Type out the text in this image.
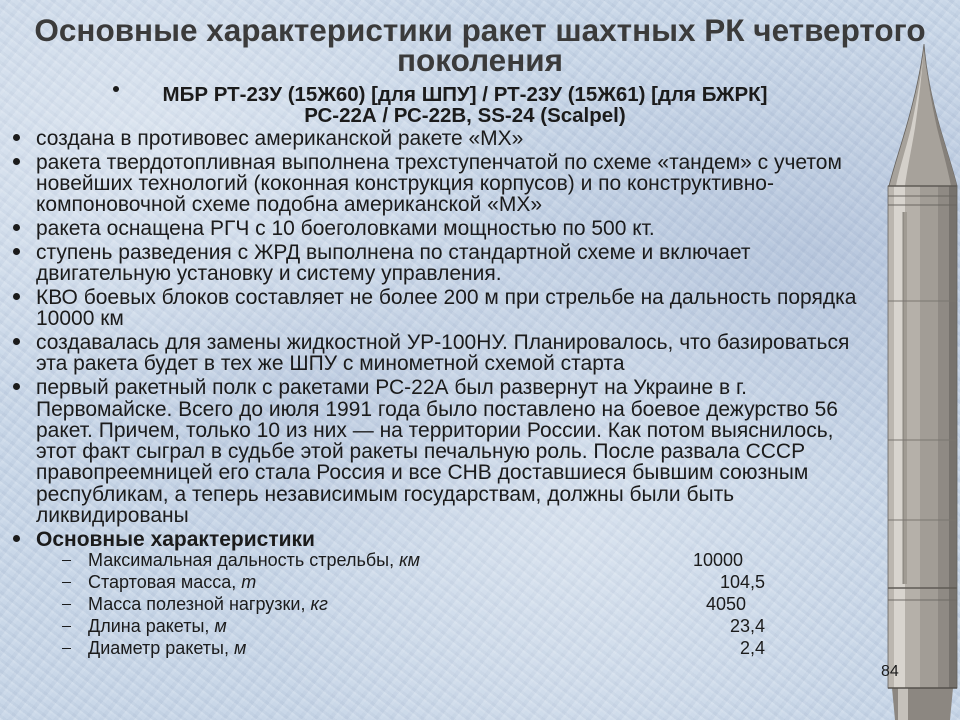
Основные характеристики ракет шахтных РК четвертого поколения
МБР РТ-23У (15Ж60) [для ШПУ] / РТ-23У (15Ж61) [для БЖРК]
РС-22А / РС-22В, SS-24 (Scalpel)
создана в противовес американской ракете «МХ»
ракета твердотопливная выполнена трехступенчатой по схеме «тандем» с учетом
новейших технологий (коконная конструкция корпусов) и по конструктивно-
компоновочной схеме подобна американской «МХ»
ракета оснащена РГЧ с 10 боеголовками мощностью по 500 кт.
ступень разведения с ЖРД выполнена по стандартной схеме и включает
двигательную установку и систему управления.
КВО боевых блоков составляет не более 200 м при стрельбе на дальность порядка
10000 км
создавалась для замены жидкостной УР-100НУ. Планировалось, что базироваться
эта ракета будет в тех же ШПУ с минометной схемой старта
первый ракетный полк с ракетами РС-22А был развернут на Украине в г.
Первомайске. Всего до июля 1991 года было поставлено на боевое дежурство 56
ракет. Причем, только 10 из них — на территории России. Как потом выяснилось,
этот факт сыграл в судьбе этой ракеты печальную роль. После развала СССР
правопреемницей его стала Россия и все СНВ доставшиеся бывшим союзным
республикам, а теперь независимым государствам, должны были быть
ликвидированы
Основные характеристики
Максимальная дальность стрельбы, км	10000
Стартовая масса, т	104,5
Масса полезной нагрузки, кг	4050
Длина ракеты, м	23,4
Диаметр ракеты, м	2,4
84
